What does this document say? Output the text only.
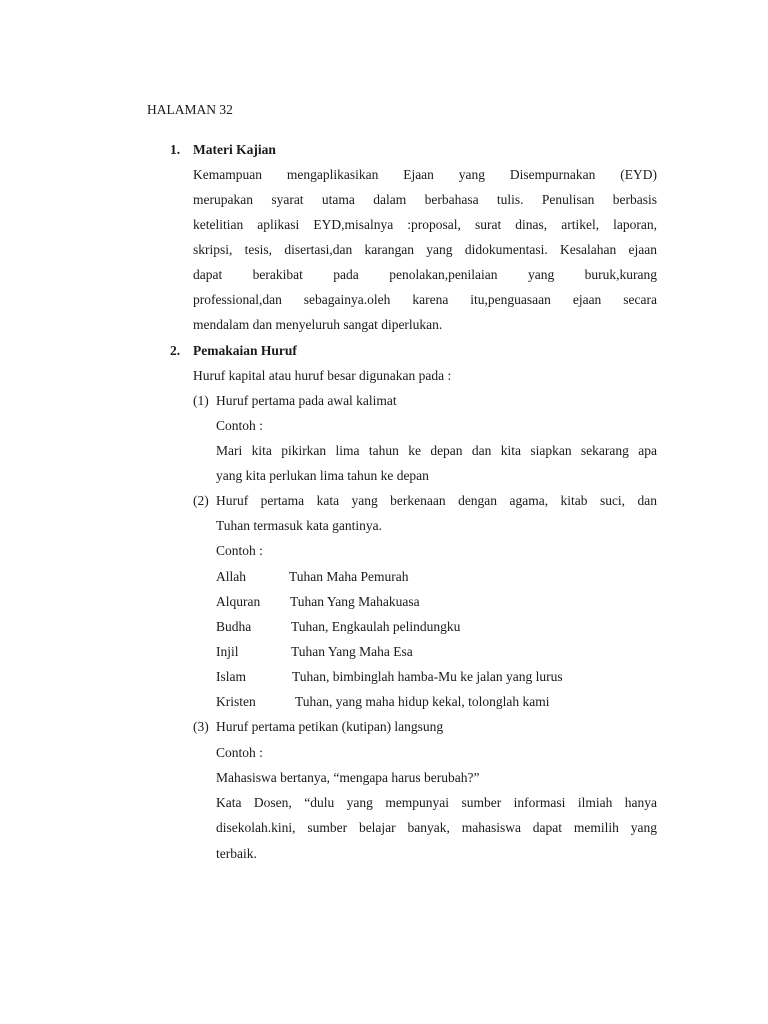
HALAMAN 32
1. Materi Kajian
Kemampuan mengaplikasikan Ejaan yang Disempurnakan (EYD)
merupakan syarat utama dalam berbahasa tulis. Penulisan berbasis
ketelitian aplikasi EYD,misalnya :proposal, surat dinas, artikel, laporan,
skripsi, tesis, disertasi,dan karangan yang didokumentasi. Kesalahan ejaan
dapat berakibat pada penolakan,penilaian yang buruk,kurang
professional,dan sebagainya.oleh karena itu,penguasaan ejaan secara
mendalam dan menyeluruh sangat diperlukan.
2. Pemakaian Huruf
Huruf kapital atau huruf besar digunakan pada :
(1) Huruf pertama pada awal kalimat
Contoh :
Mari kita pikirkan lima tahun ke depan dan kita siapkan sekarang apa
yang kita perlukan lima tahun ke depan
(2) Huruf pertama kata yang berkenaan dengan agama, kitab suci, dan
Tuhan termasuk kata gantinya.
Contoh :
Allah	Tuhan Maha Pemurah
Alquran Tuhan Yang Mahakuasa
Budha	Tuhan, Engkaulah pelindungku
Injil	Tuhan Yang Maha Esa
Islam	Tuhan, bimbinglah hamba-Mu ke jalan yang lurus
Kristen	Tuhan, yang maha hidup kekal, tolonglah kami
(3) Huruf pertama petikan (kutipan) langsung
Contoh :
Mahasiswa bertanya, “mengapa harus berubah?”
Kata Dosen, “dulu yang mempunyai sumber informasi ilmiah hanya
disekolah.kini, sumber belajar banyak, mahasiswa dapat memilih yang
terbaik.
